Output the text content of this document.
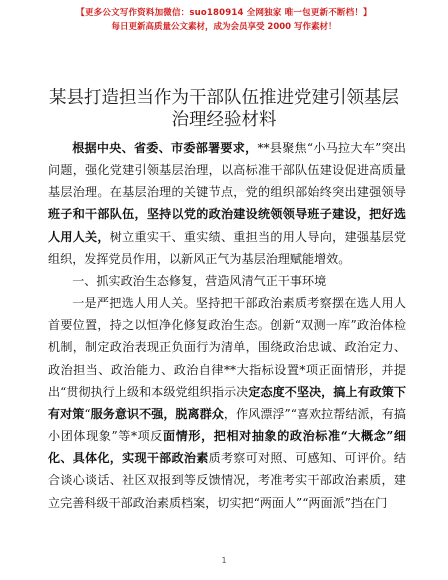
【更多公文写作资料加微信：suo180914 全网独家 唯一包更新不断档！】
每日更新高质量公文素材，成为会员享受 2000 写作素材！
某县打造担当作为干部队伍推进党建引领基层
治理经验材料

根据中央、省委、市委部署要求，**县聚焦“小马拉大车”突出问题，强化党建引领基层治理，以高标准干部队伍建设促进高质量基层治理。在基层治理的关键节点，党的组织部始终突出建强领导班子和干部队伍，坚持以党的政治建设统领领导班子建设，把好选人用人关，树立重实干、重实绩、重担当的用人导向，建强基层党组织，发挥党员作用，以新风正气为基层治理赋能增效。

一、抓实政治生态修复，营造风清气正干事环境

一是严把选人用人关。坚持把干部政治素质考察摆在选人用人首要位置，持之以恒净化修复政治生态。创新“双测一库”政治体检机制，制定政治表现正负面行为清单，围绕政治忠诚、政治定力、政治担当、政治能力、政治自律**大指标设置*项正面情形，并提出“贯彻执行上级和本级党组织指示决定态度不坚决，搞上有政策下有对策“服务意识不强，脱离群众，作风漂浮”“喜欢拉帮结派，有搞小团体现象”等*项反面情形，把相对抽象的政治标准“大概念”细化、具体化，实现干部政治素质考察可对照、可感知、可评价。结合谈心谈话、社区双报到等反馈情况，考准考实干部政治素质，建立完善科级干部政治素质档案，切实把“两面人”“两面派”挡在门

1
